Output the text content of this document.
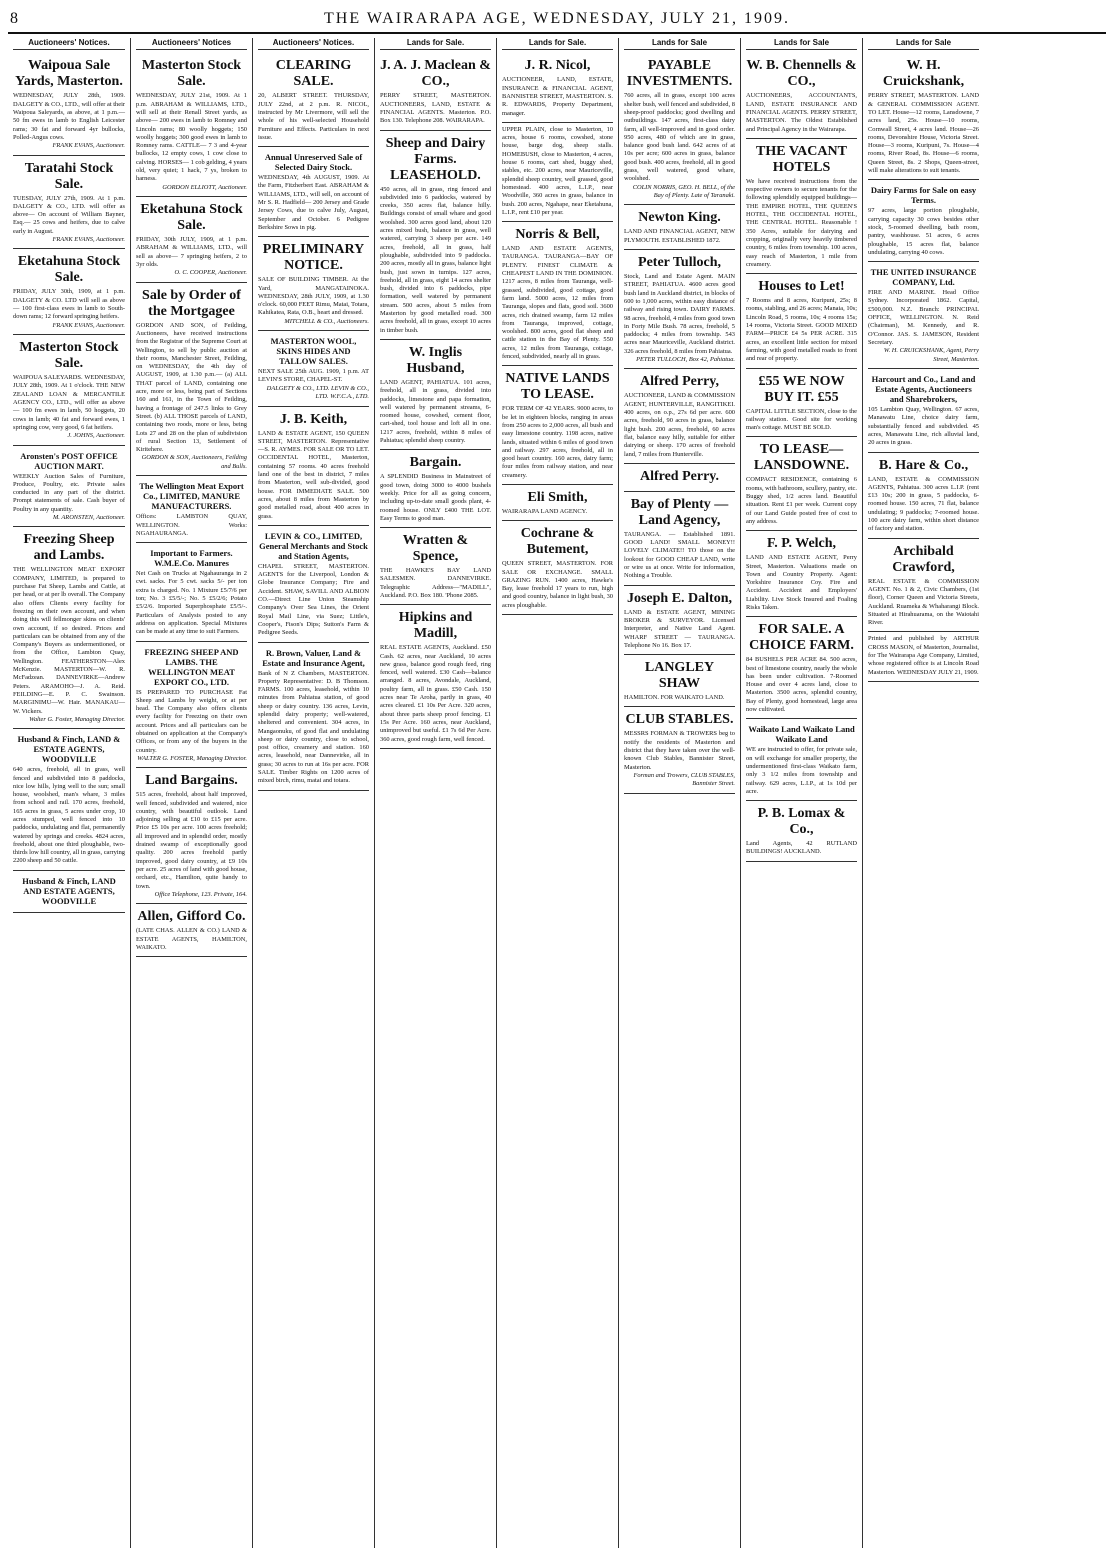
8	THE WAIRARAPA AGE, WEDNESDAY, JULY 21, 1909.
Auctioneers' Notices.
Waipoua Sale Yards, Masterton.
WEDNESDAY, JULY 28th, 1909. DALGETY & CO., LTD., will offer at their Waipoua Saleyards, as above, at 1 p.m.— 50 fm ewes in lamb to English Leicester rams; 30 fat and forward 4yr bullocks, Polled-Angus cows.
FRANK EVANS, Auctioneer.
Taratahi Stock Sale.
TUESDAY, JULY 27th, 1909. At 1 p.m. DALGETY & CO., LTD. will offer as above— On account of William Bayner, Esq.— 25 cows and heifers, due to calve early in August.
FRANK EVANS, Auctioneer.
Eketahuna Stock Sale.
FRIDAY, JULY 30th, 1909, at 1 p.m. DALGETY & CO. LTD will sell as above— 100 first-class ewes in lamb to South-down rams; 12 forward springing heifers.
FRANK EVANS, Auctioneer.
Masterton Stock Sale.
WAIPOUA SALEYARDS. WEDNESDAY, JULY 28th, 1909. At 1 o'clock. THE NEW ZEALAND LOAN & MERCANTILE AGENCY CO., LTD., will offer as above— 100 fm ewes in lamb, 50 hoggets, 20 cows in lamb; 40 fat and forward ewes, 1 springing cow, very good, 6 fat heifers.
J. JOHNS, Auctioneer.
Aronsten's POST OFFICE AUCTION MART.
WEEKLY Auction Sales of Furniture, Produce, Poultry, etc. Private sales conducted in any part of the district. Prompt statements of sale. Cash buyer of Poultry in any quantity.
M. ARONSTEN, Auctioneer.
Freezing Sheep and Lambs.
THE WELLINGTON MEAT EXPORT COMPANY, LIMITED, is prepared to purchase Fat Sheep, Lambs and Cattle, at per head, or at per lb overall. The Company also offers Clients every facility for freezing on their own account, and when doing this will fellmonger skins on clients' own account, if so desired. Prices and particulars can be obtained from any of the Company's Buyers as undermentioned, or from the Office, Lambton Quay, Wellington. FEATHERSTON—Alex McKenzie. MASTERTON—W. R. McFadzean. DANNEVIRKE—Andrew Peters. ARAMOHO—J. A. Reid. FEILDING—E. P. C. Swainson. MARGINIMU—W. Hair. MANAKAU—W. Vickers.
Walter G. Foster, Managing Director.
Husband & Finch, LAND & ESTATE AGENTS, WOODVILLE
640 acres, freehold, all in grass, well fenced and subdivided into 8 paddocks, nice low hills, lying well to the sun; small house, woolshed, man's whare, 3 miles from school and rail. 170 acres, freehold, 165 acres in grass, 5 acres under crop, 10 acres stumped, well fenced into 10 paddocks, undulating and flat, permanently watered by springs and creeks. 4824 acres, freehold, about one third ploughable, two-thirds low hill country, all in grass, carrying 2200 sheep and 50 cattle.
Husband & Finch, LAND AND ESTATE AGENTS, WOODVILLE
Auctioneers' Notices
Masterton Stock Sale.
WEDNESDAY, JULY 21st, 1909. At 1 p.m. ABRAHAM & WILLIAMS, LTD., will sell at their Renall Street yards, as above— 200 ewes in lamb to Romney and Lincoln rams; 80 woolly hoggets; 150 woolly hoggets; 300 good ewes in lamb to Romney rams. CATTLE— 7 3 and 4-year bullocks, 12 empty cows, 1 cow close to calving. HORSES— 1 cob gelding, 4 years old, very quiet; 1 hack, 7 ys, broken to harness.
GORDON ELLIOTT, Auctioneer.
Eketahuna Stock Sale.
FRIDAY, 30th JULY, 1909, at 1 p.m. ABRAHAM & WILLIAMS, LTD., will sell as above— 7 springing heifers, 2 to 3yr olds.
O. C. COOPER, Auctioneer.
Sale by Order of the Mortgagee
GORDON AND SON, of Feilding, Auctioneers, have received instructions from the Registrar of the Supreme Court at Wellington, to sell by public auction at their rooms, Manchester Street, Feilding, on WEDNESDAY, the 4th day of AUGUST, 1909, at 1.30 p.m.— (a) ALL THAT parcel of LAND, containing one acre, more or less, being part of Sections 160 and 161, in the Town of Feilding, having a frontage of 247.5 links to Grey Street. (b) ALL THOSE parcels of LAND, containing two roods, more or less, being Lots 27 and 28 on the plan of subdivision of rural Section 13, Settlement of Kiritehere.
GORDON & SON, Auctioneers, Feilding and Bulls.
The Wellington Meat Export Co., LIMITED, MANURE MANUFACTURERS.
Offices: LAMBTON QUAY, WELLINGTON. Works: NGAHAURANGA.
Important to Farmers. W.M.E.Co. Manures
Net Cash on Trucks at Ngahauranga in 2 cwt. sacks. For 5 cwt. sacks 5/- per ton extra is charged. No. 1 Mixture £5/7/6 per ton; No. 3 £5/5/-; No. 5 £5/2/6; Potato £5/2/6. Imported Superphosphate £5/5/-. Particulars of Analysis posted to any address on application. Special Mixtures can be made at any time to suit Farmers.
FREEZING SHEEP AND LAMBS. THE WELLINGTON MEAT EXPORT CO., LTD.
IS PREPARED TO PURCHASE Fat Sheep and Lambs by weight, or at per head. The Company also offers clients every facility for Freezing on their own account. Prices and all particulars can be obtained on application at the Company's Offices, or from any of the buyers in the country.
WALTER G. FOSTER, Managing Director.
Land Bargains.
515 acres, freehold, about half improved, well fenced, subdivided and watered, nice country, with beautiful outlook. Land adjoining selling at £10 to £15 per acre. Price £5 10s per acre. 100 acres freehold; all improved and in splendid order, mostly drained swamp of exceptionally good quality. 200 acres freehold partly improved, good dairy country, at £9 10s per acre. 25 acres of land with good house, orchard, etc., Hamilton, quite handy to town.
Office Telephone, 123. Private, 164.
Allen, Gifford Co.
(LATE CHAS. ALLEN & CO.) LAND & ESTATE AGENTS, HAMILTON, WAIKATO.
Auctioneers' Notices.
CLEARING SALE.
20, ALBERT STREET. THURSDAY, JULY 22nd, at 2 p.m. R. NICOL, instructed by Mr Livermore, will sell the whole of his well-selected Household Furniture and Effects. Particulars in next issue.
Annual Unreserved Sale of Selected Dairy Stock.
WEDNESDAY, 4th AUGUST, 1909. At the Farm, Fitzherbert East. ABRAHAM & WILLIAMS, LTD., will sell, on account of Mr S. R. Hadfield— 200 Jersey and Grade Jersey Cows, due to calve July, August, September and October. 6 Pedigree Berkshire Sows in pig.
PRELIMINARY NOTICE.
SALE OF BUILDING TIMBER. At the Yard, MANGATAINOKA. WEDNESDAY, 28th JULY, 1909, at 1.30 o'clock. 60,000 FEET Rimu, Matai, Totara, Kahikatea, Rata, O.B., heart and dressed.
MITCHELL & CO., Auctioneers.
MASTERTON WOOL, SKINS HIDES AND TALLOW SALES.
NEXT SALE 25th AUG. 1909, 1 p.m. AT LEVIN'S STORE, CHAPEL-ST.
DALGETY & CO., LTD. LEVIN & CO., LTD. W.F.C.A., LTD.
J. B. Keith,
LAND & ESTATE AGENT, 150 QUEEN STREET, MASTERTON. Representative—S. R. AYMES. FOR SALE OR TO LET. OCCIDENTAL HOTEL, Masterton, containing 57 rooms. 40 acres freehold land one of the best in district, 7 miles from Masterton, well sub-divided, good house. FOR IMMEDIATE SALE. 500 acres, about 8 miles from Masterton by good metalled road, about 400 acres in grass.
LEVIN & CO., LIMITED, General Merchants and Stock and Station Agents,
CHAPEL STREET, MASTERTON. AGENTS for the Liverpool, London & Globe Insurance Company; Fire and Accident. SHAW, SAVILL AND ALBION CO.—Direct Line Union Steamship Company's Over Sea Lines, the Orient Royal Mail Line, via Suez; Little's, Cooper's, Fison's Dips; Sutton's Farm & Pedigree Seeds.
R. Brown, Valuer, Land & Estate and Insurance Agent,
Bank of N Z Chambers, MASTERTON. Property Representative: D. B Thomson. FARMS. 100 acres, leasehold, within 10 minutes from Pahiatua station, of good sheep or dairy country. 136 acres, Levin, splendid dairy property; well-watered, sheltered and convenient. 304 acres, in Mangaonuku, of good flat and undulating sheep or dairy country, close to school, post office, creamery and station. 160 acres, leasehold, near Dannevirke, all in grass; 30 acres to run at 16s per acre. FOR SALE. Timber Rights on 1200 acres of mixed birch, rimu, matai and totara.
Lands for Sale.
J. A. J. Maclean & CO.,
PERRY STREET, MASTERTON. AUCTIONEERS, LAND, ESTATE & FINANCIAL AGENTS. Masterton. P.O. Box 130. Telephone 208. WAIRARAPA.
Sheep and Dairy Farms. LEASEHOLD.
450 acres, all in grass, ring fenced and subdivided into 6 paddocks, watered by creeks, 350 acres flat, balance hilly. Buildings consist of small whare and good woolshed. 300 acres good land, about 120 acres mixed bush, balance in grass, well watered, carrying 3 sheep per acre. 149 acres, freehold, all in grass, half ploughable, subdivided into 9 paddocks. 200 acres, mostly all in grass, balance light bush, just sown in turnips. 127 acres, freehold, all in grass, eight 14 acres shelter bush, divided into 6 paddocks, pipe formation, well watered by permanent stream. 500 acres, about 5 miles from Masterton by good metalled road. 300 acres freehold, all in grass, except 10 acres in timber bush.
W. Inglis Husband,
LAND AGENT, PAHIATUA. 101 acres, freehold, all in grass, divided into paddocks, limestone and papa formation, well watered by permanent streams, 6-roomed house, cowshed, cement floor, cart-shed, tool house and loft all in one. 1217 acres, freehold, within 8 miles of Pahiatua; splendid sheep country.
Bargain.
A SPLENDID Business in Mainstreet of good town, doing 3000 to 4000 bushels weekly. Price for all as going concern, including up-to-date small goods plant, 4-roomed house. ONLY £400 THE LOT. Easy Terms to good man.
Wratten & Spence,
THE HAWKE'S BAY LAND SALESMEN. DANNEVIRKE. Telegraphic Address—"MADILL", Auckland. P.O. Box 180. 'Phone 2085.
Hipkins and Madill,
REAL ESTATE AGENTS, Auckland. £50 Cash. 62 acres, near Auckland, 10 acres new grass, balance good rough feed, ring fenced, well watered. £30 Cash—balance arranged. 8 acres, Avondale, Auckland, poultry farm, all in grass. £50 Cash. 150 acres near Te Aroha, partly in grass, 40 acres cleared. £1 10s Per Acre. 320 acres, about three parts sheep proof fencing. £1 15s Per Acre. 160 acres, near Auckland, unimproved but useful. £1 7s 6d Per Acre. 360 acres, good rough farm, well fenced.
Lands for Sale.
J. R. Nicol,
AUCTIONEER, LAND, ESTATE, INSURANCE & FINANCIAL AGENT, BANNISTER STREET, MASTERTON. S. R. EDWARDS, Property Department, manager.
UPPER PLAIN, close to Masterton, 10 acres, house 6 rooms, cowshed, stone house, barge dog, sheep stalls. HOMEBUSH, close to Masterton, 4 acres, house 6 rooms, cart shed, buggy shed, stables, etc. 200 acres, near Mauriceville, splendid sheep country, well grassed, good homestead. 400 acres, L.I.P., near Woodville, 360 acres in grass, balance in bush. 200 acres, Ngahape, near Eketahuna, L.I.P., rent £10 per year.
Norris & Bell,
LAND AND ESTATE AGENTS, TAURANGA. TAURANGA—BAY OF PLENTY. FINEST CLIMATE & CHEAPEST LAND IN THE DOMINION. 1217 acres, 8 miles from Tauranga, well-grassed, subdivided, good cottage, good farm land. 5000 acres, 12 miles from Tauranga, slopes and flats, good soil. 3600 acres, rich drained swamp, farm 12 miles from Tauranga, improved, cottage, woolshed. 800 acres, good flat sheep and cattle station in the Bay of Plenty. 550 acres, 12 miles from Tauranga, cottage, fenced, subdivided, nearly all in grass.
NATIVE LANDS TO LEASE.
FOR TERM OF 42 YEARS. 9000 acres, to be let in eighteen blocks, ranging in areas from 250 acres to 2,000 acres, all bush and easy limestone country. 1198 acres, native lands, situated within 6 miles of good town and railway. 297 acres, freehold, all in good heart country. 160 acres, dairy farm; four miles from railway station, and near creamery.
Eli Smith,
WAIRARAPA LAND AGENCY.
Cochrane & Butement,
QUEEN STREET, MASTERTON. FOR SALE OR EXCHANGE. SMALL GRAZING RUN. 1400 acres, Hawke's Bay, lease freehold 17 years to run, high and good country, balance in light bush, 30 acres ploughable.
Lands for Sale
PAYABLE INVESTMENTS.
760 acres, all in grass, except 100 acres shelter bush, well fenced and subdivided, 8 sheep-proof paddocks; good dwelling and outbuildings. 147 acres, first-class dairy farm, all well-improved and in good order. 950 acres, 480 of which are in grass, balance good bush land. 642 acres of at 10s per acre; 600 acres in grass, balance good bush. 400 acres, freehold, all in good grass, well watered, good whare, woolshed.
COLIN NORRIS, GEO. H. BELL, of the Bay of Plenty. Late of Taranaki.
Newton King.
LAND AND FINANCIAL AGENT, NEW PLYMOUTH. ESTABLISHED 1872.
Peter Tulloch,
Stock, Land and Estate Agent. MAIN STREET, PAHIATUA. 4600 acres good bush land in Auckland district, in blocks of 600 to 1,000 acres, within easy distance of railway and rising town. DAIRY FARMS. 98 acres, freehold, 4 miles from good town in Forty Mile Bush. 78 acres, freehold, 5 paddocks; 4 miles from township. 543 acres near Mauriceville, Auckland district. 326 acres freehold, 8 miles from Pahiatua.
PETER TULLOCH, Box 42, Pahiatua.
Alfred Perry,
AUCTIONEER, LAND & COMMISSION AGENT, HUNTERVILLE, RANGITIKEI. 400 acres, on o.p., 27s 6d per acre. 600 acres, freehold, 90 acres in grass, balance light bush. 200 acres, freehold, 60 acres flat, balance easy hilly, suitable for either dairying or sheep. 170 acres of freehold land, 7 miles from Hunterville.
Alfred Perry.
Bay of Plenty — Land Agency,
TAURANGA. — Established 1891. GOOD LAND! SMALL MONEY!! LOVELY CLIMATE!! TO those on the lookout for GOOD CHEAP LAND, write or wire us at once. Write for information, Nothing a Trouble.
Joseph E. Dalton,
LAND & ESTATE AGENT, MINING BROKER & SURVEYOR. Licensed Interpreter, and Native Land Agent. WHARF STREET — TAURANGA. Telephone No 16. Box 17.
LANGLEY SHAW
HAMILTON. FOR WAIKATO LAND.
CLUB STABLES.
MESSRS FORMAN & TROWERS beg to notify the residents of Masterton and district that they have taken over the well-known Club Stables, Bannister Street, Masterton.
Forman and Trowers, CLUB STABLES, Bannister Street.
Lands for Sale
W. B. Chennells & CO.,
AUCTIONEERS, ACCOUNTANTS, LAND, ESTATE INSURANCE AND FINANCIAL AGENTS. PERRY STREET, MASTERTON. The Oldest Established and Principal Agency in the Wairarapa.
THE VACANT HOTELS
We have received instructions from the respective owners to secure tenants for the following splendidly equipped buildings— THE EMPIRE HOTEL, THE QUEEN'S HOTEL, THE OCCIDENTAL HOTEL, THE CENTRAL HOTEL. Reasonable ! 350 Acres, suitable for dairying and cropping, originally very heavily timbered country, 6 miles from township. 100 acres, easy reach of Masterton, 1 mile from creamery.
Houses to Let!
7 Rooms and 8 acres, Kuripuni, 25s; 8 rooms, stabling, and 26 acres; Manaia, 10s; Lincoln Road, 5 rooms, 10s; 4 rooms 15s; 14 rooms, Victoria Street. GOOD MIXED FARM—PRICE £4 5s PER ACRE. 315 acres, an excellent little section for mixed farming, with good metalled roads to front and rear of property.
£55 WE NOW BUY IT. £55
CAPITAL LITTLE SECTION, close to the railway station. Good site for working man's cottage. MUST BE SOLD.
TO LEASE—LANSDOWNE.
COMPACT RESIDENCE, containing 6 rooms, with bathroom, scullery, pantry, etc. Buggy shed, 1/2 acres land. Beautiful situation. Rent £1 per week. Current copy of our Land Guide posted free of cost to any address.
F. P. Welch,
LAND AND ESTATE AGENT, Perry Street, Masterton. Valuations made on Town and Country Property. Agent: Yorkshire Insurance Coy. Fire and Accident. Accident and Employers' Liability. Live Stock Insured and Foaling Risks Taken.
FOR SALE. A CHOICE FARM.
84 BUSHELS PER ACRE 84. 500 acres, best of limestone country, nearly the whole has been under cultivation. 7-Roomed House and over 4 acres land, close to Masterton. 3500 acres, splendid country, Bay of Plenty, good homestead, large area now cultivated.
Waikato Land Waikato Land Waikato Land
WE are instructed to offer, for private sale, on will exchange for smaller property, the undermentioned first-class Waikato farm, only 3 1/2 miles from township and railway. 629 acres, L.I.P., at 1s 10d per acre.
P. B. Lomax & Co.,
Land Agents, 42 RUTLAND BUILDINGS! AUCKLAND.
Lands for Sale
W. H. Cruickshank,
PERRY STREET, MASTERTON. LAND & GENERAL COMMISSION AGENT. TO LET. House—12 rooms, Lansdowne, 7 acres land, 25s. House—10 rooms, Cornwall Street, 4 acres land. House—26 rooms, Devonshire House, Victoria Street. House—3 rooms, Kuripuni, 7s. House—4 rooms, River Road, 8s. House—6 rooms, Queen Street, 8s. 2 Shops, Queen-street, will make alterations to suit tenants.
Dairy Farms for Sale on easy Terms.
97 acres, large portion ploughable, carrying capacity 30 cows besides other stock, 5-roomed dwelling, bath room, pantry, washhouse. 51 acres, 6 acres ploughable, 15 acres flat, balance undulating, carrying 40 cows.
THE UNITED INSURANCE COMPANY, Ltd.
FIRE AND MARINE. Head Office Sydney. Incorporated 1862. Capital, £500,000. N.Z. Branch: PRINCIPAL OFFICE, WELLINGTON. N. Reid (Chairman), M. Kennedy, and R. O'Connor. JAS. S. JAMESON, Resident Secretary.
W. H. CRUICKSHANK, Agent, Perry Street, Masterton.
Harcourt and Co., Land and Estate Agents, Auctioneers and Sharebrokers,
105 Lambton Quay, Wellington. 67 acres, Manawatu Line, choice dairy farm, substantially fenced and subdivided. 45 acres, Manawatu Line, rich alluvial land, 20 acres in grass.
B. Hare & Co.,
LAND, ESTATE & COMMISSION AGENTS, Pahiatua. 300 acres L.I.P. (rent £13 10s; 200 in grass, 5 paddocks, 6-roomed house. 150 acres, 71 flat, balance undulating; 9 paddocks; 7-roomed house. 100 acre dairy farm, within short distance of factory and station.
Archibald Crawford,
REAL ESTATE & COMMISSION AGENT. No. 1 & 2, Civic Chambers, (1st floor), Corner Queen and Victoria Streets, Auckland. Ruameka & Whaharangi Block. Situated at Hirahuarama, on the Waiotahi River.
Printed and published by ARTHUR CROSS MASON, of Masterton, Journalist, for The Wairarapa Age Company, Limited, whose registered office is at Lincoln Road Masterton. WEDNESDAY JULY 21, 1909.
